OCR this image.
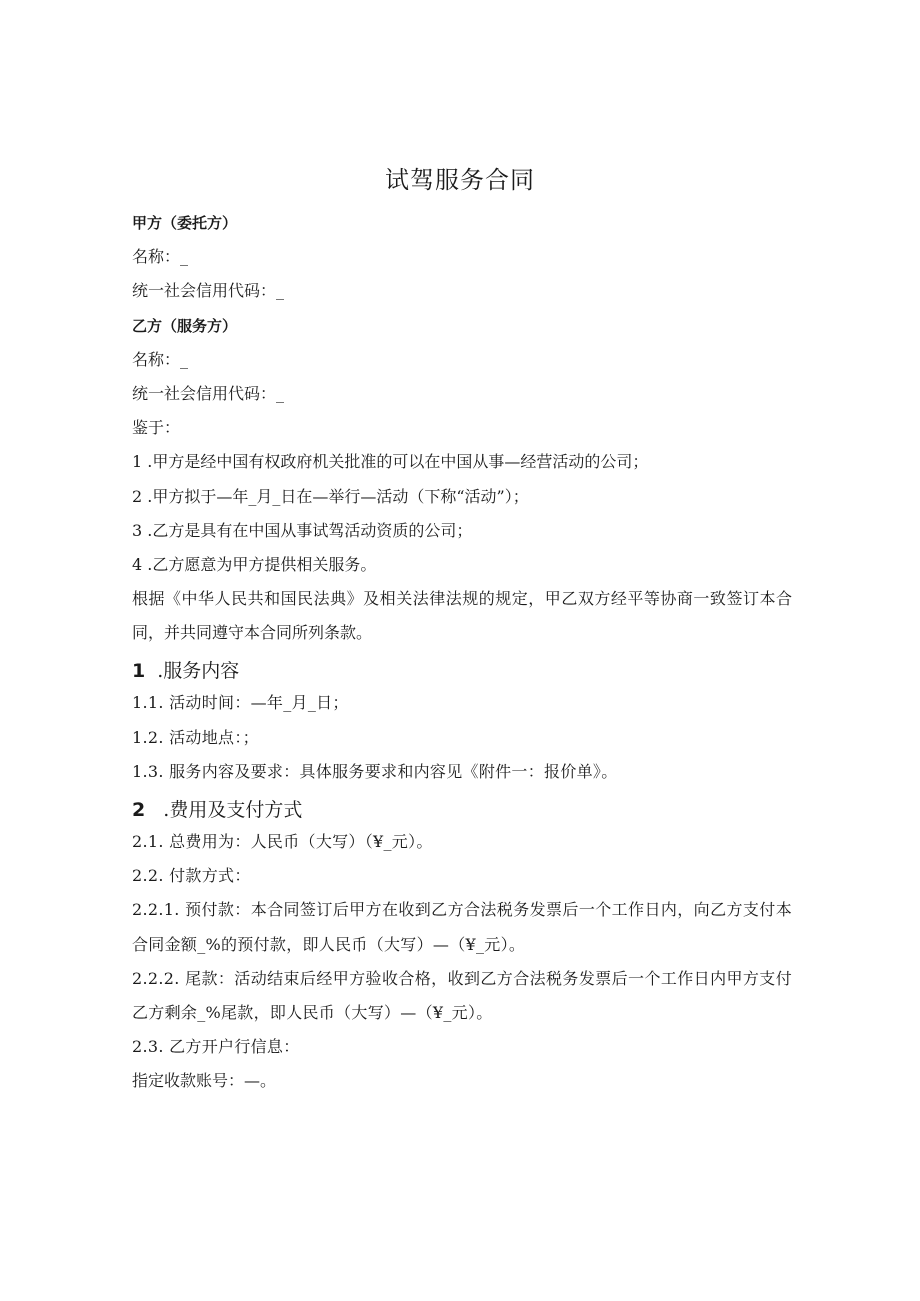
试驾服务合同
甲方（委托方）
名称：_
统一社会信用代码：_
乙方（服务方）
名称：_
统一社会信用代码：_
鉴于：
1 .甲方是经中国有权政府机关批准的可以在中国从事—经营活动的公司；
2 .甲方拟于—年_月_日在—举行—活动（下称“活动”）；
3 .乙方是具有在中国从事试驾活动资质的公司；
4 .乙方愿意为甲方提供相关服务。
根据《中华人民共和国民法典》及相关法律法规的规定，甲乙双方经平等协商一致签订本合同，并共同遵守本合同所列条款。
1 .服务内容
1.1. 活动时间：—年_月_日；
1.2. 活动地点：；
1.3. 服务内容及要求：具体服务要求和内容见《附件一：报价单》。
2 .费用及支付方式
2.1. 总费用为：人民币（大写）（¥_元）。
2.2. 付款方式：
2.2.1. 预付款：本合同签订后甲方在收到乙方合法税务发票后一个工作日内，向乙方支付本合同金额_%的预付款，即人民币（大写）—（¥_元）。
2.2.2. 尾款：活动结束后经甲方验收合格，收到乙方合法税务发票后一个工作日内甲方支付乙方剩余_%尾款，即人民币（大写）—（¥_元）。
2.3. 乙方开户行信息：
指定收款账号：—。
